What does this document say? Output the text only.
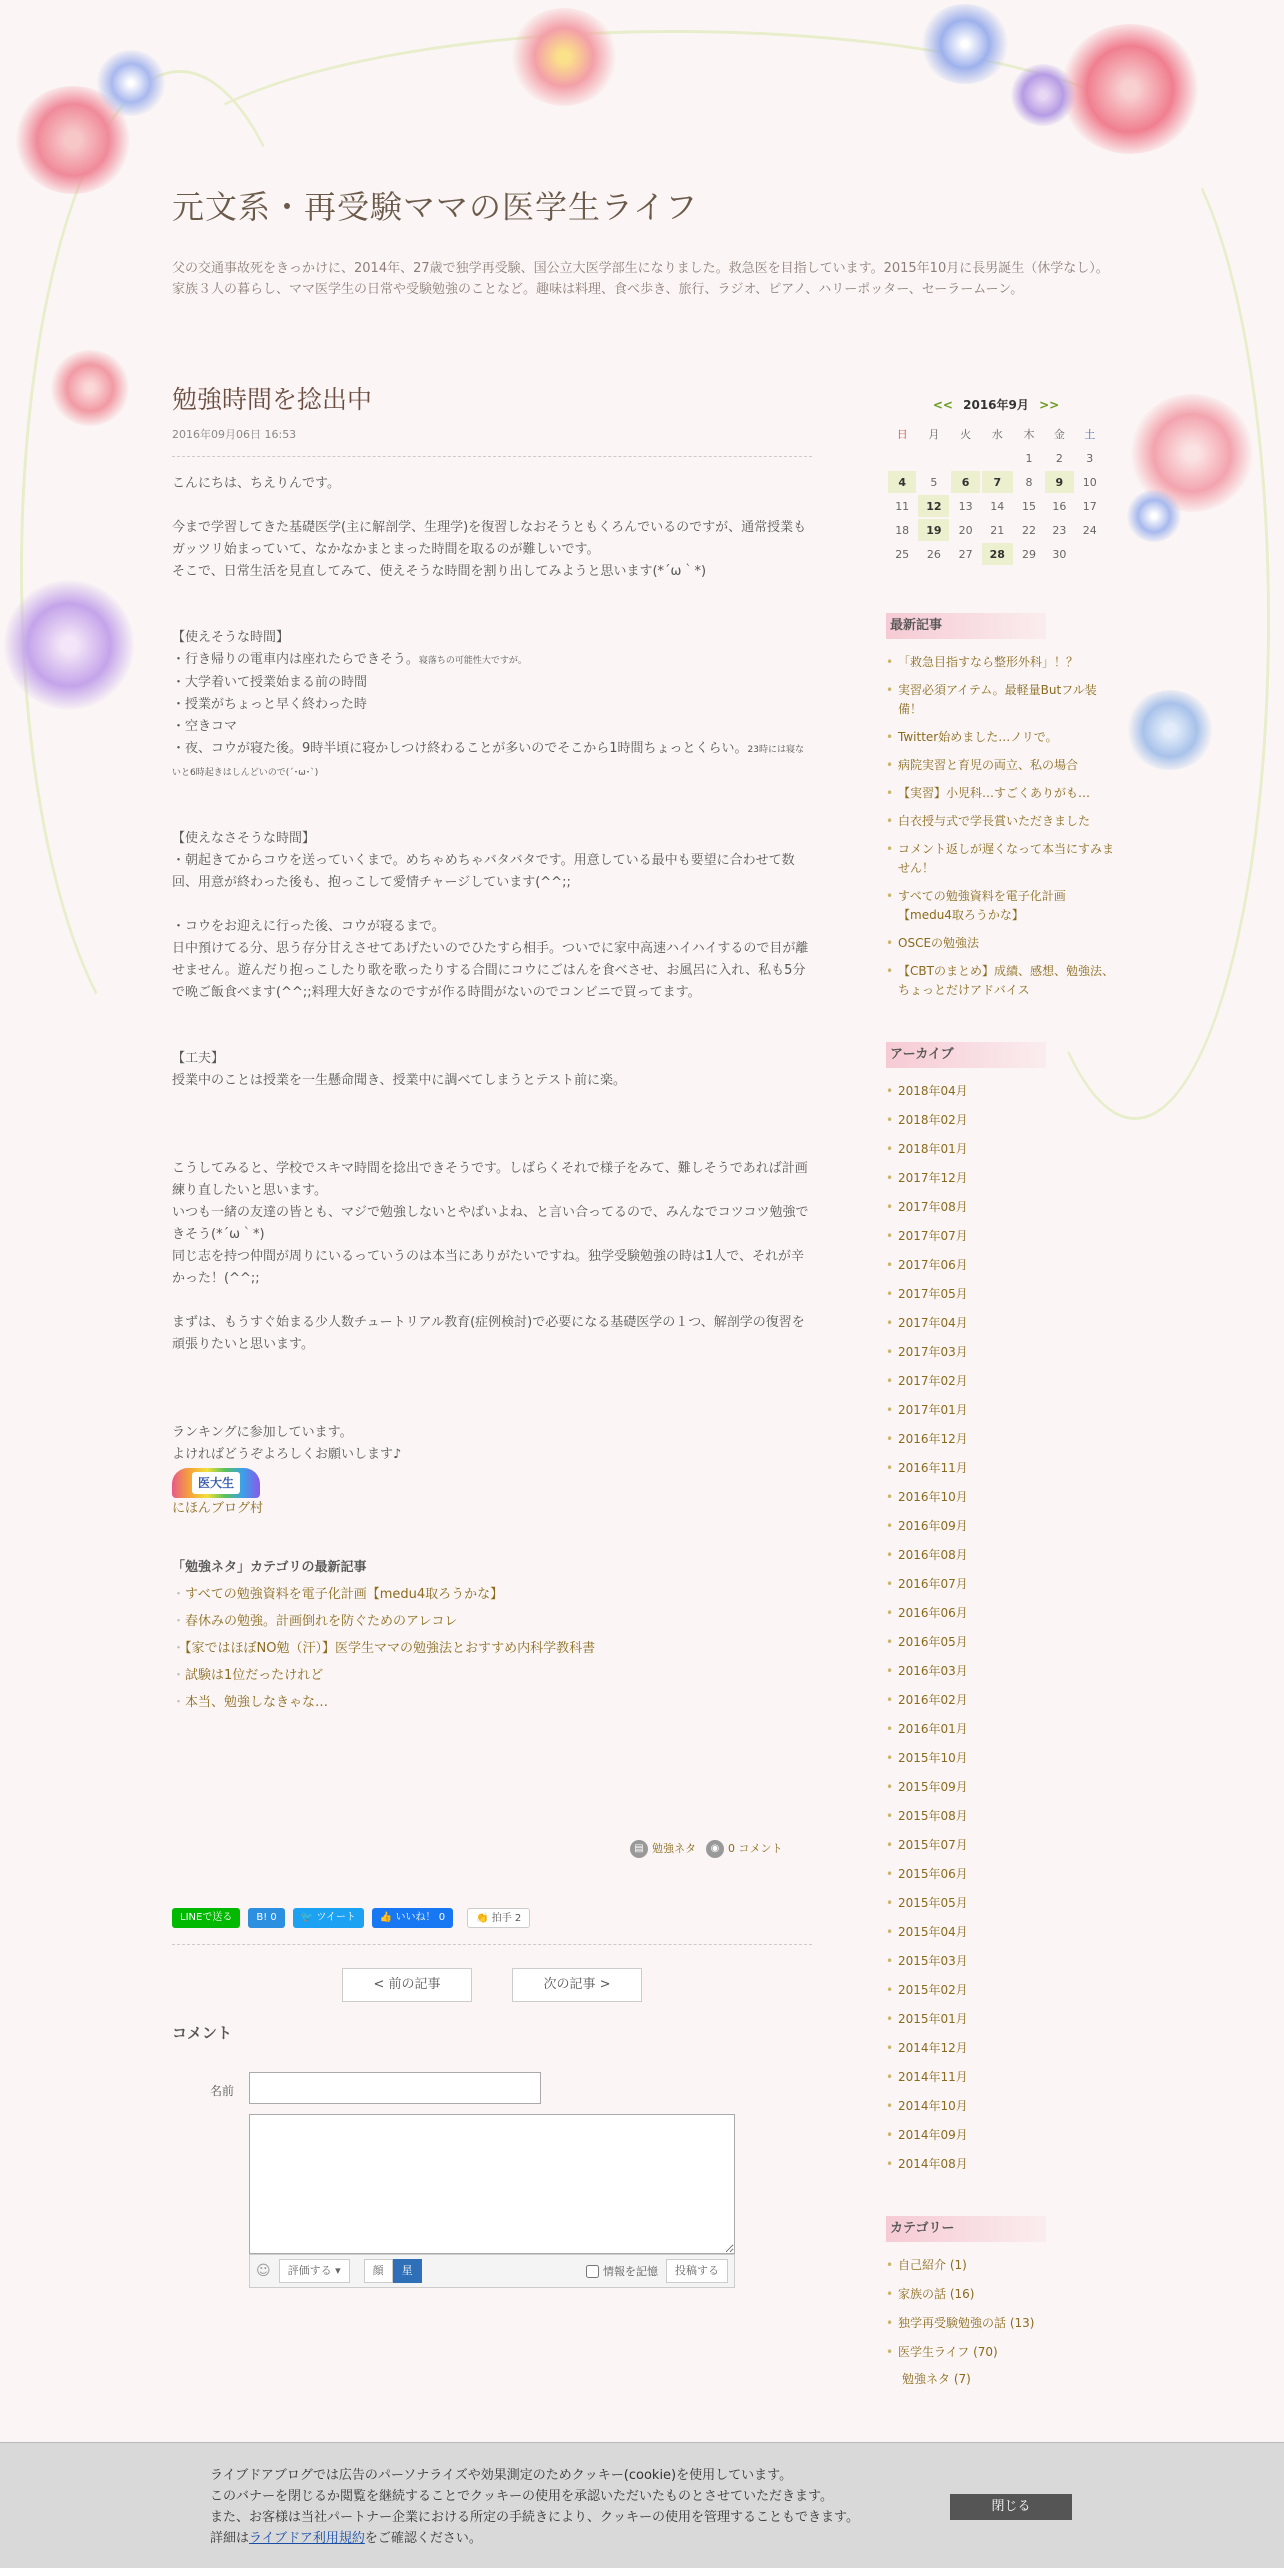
元文系・再受験ママの医学生ライフ

父の交通事故死をきっかけに、2014年、27歳で独学再受験、国公立大医学部生になりました。救急医を目指しています。2015年10月に長男誕生（休学なし）。家族３人の暮らし、ママ医学生の日常や受験勉強のことなど。趣味は料理、食べ歩き、旅行、ラジオ、ピアノ、ハリーポッター、セーラームーン。

勉強時間を捻出中
2016年09月06日 16:53

こんにちは、ちえりんです。

今まで学習してきた基礎医学(主に解剖学、生理学)を復習しなおそうともくろんでいるのですが、通常授業もガッツリ始まっていて、なかなかまとまった時間を取るのが難しいです。
そこで、日常生活を見直してみて、使えそうな時間を割り出してみようと思います(*´ω｀*)

【使えそうな時間】

・行き帰りの電車内は座れたらできそう。寝落ちの可能性大ですが。

・大学着いて授業始まる前の時間

・授業がちょっと早く終わった時

・空きコマ

・夜、コウが寝た後。9時半頃に寝かしつけ終わることが多いのでそこから1時間ちょっとくらい。23時には寝ないと6時起きはしんどいので(´･ω･`)

【使えなさそうな時間】

・朝起きてからコウを送っていくまで。めちゃめちゃバタバタです。用意している最中も要望に合わせて数回、用意が終わった後も、抱っこして愛情チャージしています(^^;;

・コウをお迎えに行った後、コウが寝るまで。
日中預けてる分、思う存分甘えさせてあげたいのでひたすら相手。ついでに家中高速ハイハイするので目が離せません。遊んだり抱っこしたり歌を歌ったりする合間にコウにごはんを食べさせ、お風呂に入れ、私も5分で晩ご飯食べます(^^;;料理大好きなのですが作る時間がないのでコンビニで買ってます。

【工夫】

授業中のことは授業を一生懸命聞き、授業中に調べてしまうとテスト前に楽。

こうしてみると、学校でスキマ時間を捻出できそうです。しばらくそれで様子をみて、難しそうであれば計画練り直したいと思います。
いつも一緒の友達の皆とも、マジで勉強しないとやばいよね、と言い合ってるので、みんなでコツコツ勉強できそう(*´ω｀*)
同じ志を持つ仲間が周りにいるっていうのは本当にありがたいですね。独学受験勉強の時は1人で、それが辛かった！(^^;;

まずは、もうすぐ始まる少人数チュートリアル教育(症例検討)で必要になる基礎医学の１つ、解剖学の復習を頑張りたいと思います。

ランキングに参加しています。

よければどうぞよろしくお願いします♪

医大生
にほんブログ村
「勉強ネタ」カテゴリの最新記事
・ すべての勉強資料を電子化計画【medu4取ろうかな】
・ 春休みの勉強。計画倒れを防ぐためのアレコレ
・ 【家ではほぼNO勉（汗）】医学生ママの勉強法とおすすめ内科学教科書
・ 試験は1位だったけれど
・ 本当、勉強しなきゃな…
▤ 勉強ネタ	◉ 0 コメント
LINEで送る	B! 0	🐦 ツイート	👍 いいね！ 0	👏 拍手 2
< 前の記事	次の記事 >
コメント
名前
☺	評価する ▾	顔	星	情報を記憶	投稿する
<< 2016年9月 >>
日	月	火	水	木	金	土
				1	2	3
4	5	6	7	8	9	10
11	12	13	14	15	16	17
18	19	20	21	22	23	24
25	26	27	28	29	30	
最新記事
• 「救急目指すなら整形外科」！？
• 実習必須アイテム。最軽量Butフル装備！
• Twitter始めました…ノリで。
• 病院実習と育児の両立、私の場合
• 【実習】小児科…すごくありがも…
• 白衣授与式で学長賞いただきました
• コメント返しが遅くなって本当にすみません！
• すべての勉強資料を電子化計画【medu4取ろうかな】
• OSCEの勉強法
• 【CBTのまとめ】成績、感想、勉強法、ちょっとだけアドバイス
アーカイブ
• 2018年04月
• 2018年02月
• 2018年01月
• 2017年12月
• 2017年08月
• 2017年07月
• 2017年06月
• 2017年05月
• 2017年04月
• 2017年03月
• 2017年02月
• 2017年01月
• 2016年12月
• 2016年11月
• 2016年10月
• 2016年09月
• 2016年08月
• 2016年07月
• 2016年06月
• 2016年05月
• 2016年03月
• 2016年02月
• 2016年01月
• 2015年10月
• 2015年09月
• 2015年08月
• 2015年07月
• 2015年06月
• 2015年05月
• 2015年04月
• 2015年03月
• 2015年02月
• 2015年01月
• 2014年12月
• 2014年11月
• 2014年10月
• 2014年09月
• 2014年08月
カテゴリー
• 自己紹介 (1)
• 家族の話 (16)
• 独学再受験勉強の話 (13)
• 医学生ライフ (70)
勉強ネタ (7)
ライブドアブログでは広告のパーソナライズや効果測定のためクッキー(cookie)を使用しています。
このバナーを閉じるか閲覧を継続することでクッキーの使用を承認いただいたものとさせていただきます。
また、お客様は当社パートナー企業における所定の手続きにより、クッキーの使用を管理することもできます。
詳細はライブドア利用規約をご確認ください。
閉じる
